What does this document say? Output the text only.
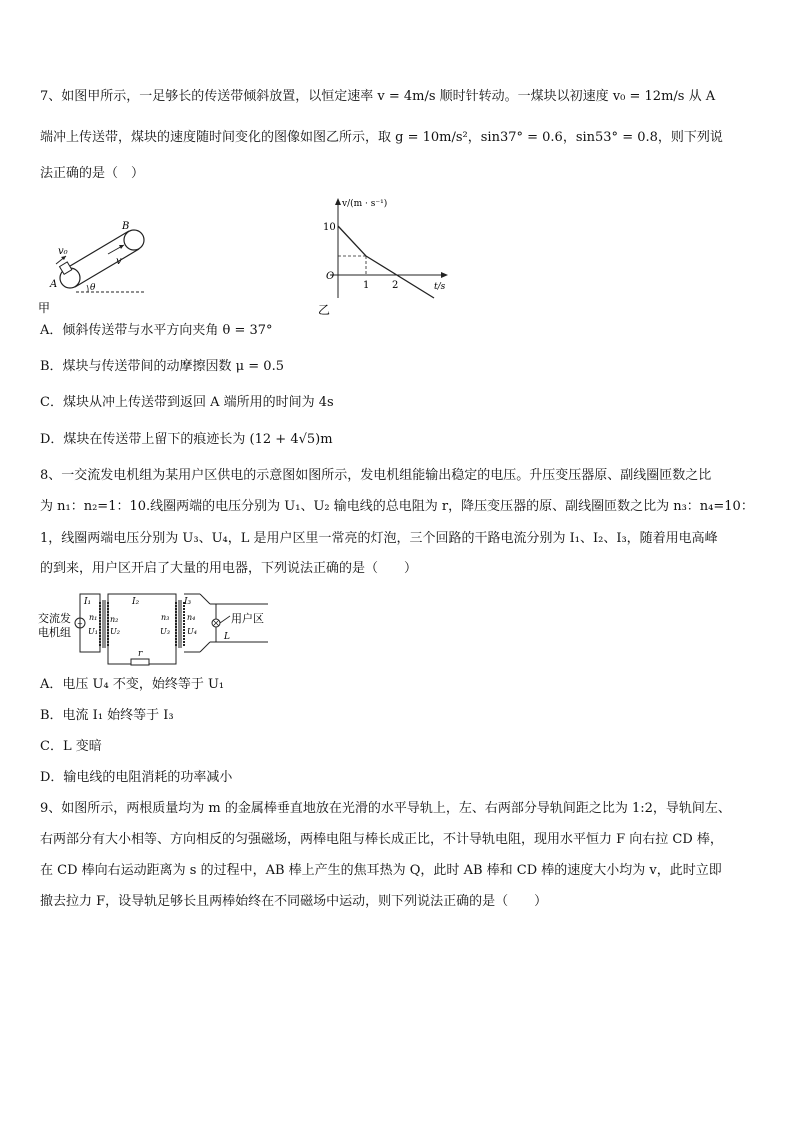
7、如图甲所示，一足够长的传送带倾斜放置，以恒定速率 v = 4m/s 顺时针转动。一煤块以初速度 v₀ = 12m/s 从 A
端冲上传送带，煤块的速度随时间变化的图像如图乙所示，取 g = 10m/s²，sin37° = 0.6，sin53° = 0.8，则下列说
法正确的是（　）
v₀
v
A
B
θ
甲
v/(m · s⁻¹)
t/s
10
O
1 2
乙
A．倾斜传送带与水平方向夹角 θ = 37°
B．煤块与传送带间的动摩擦因数 μ = 0.5
C．煤块从冲上传送带到返回 A 端所用的时间为 4s
D．煤块在传送带上留下的痕迹长为 (12 + 4√5)m
8、一交流发电机组为某用户区供电的示意图如图所示，发电机组能输出稳定的电压。升压变压器原、副线圈匝数之比
为 n₁：n₂=1：10.线圈两端的电压分别为 U₁、U₂ 输电线的总电阻为 r，降压变压器的原、副线圈匝数之比为 n₃：n₄=10：
1，线圈两端电压分别为 U₃、U₄，L 是用户区里一常亮的灯泡，三个回路的干路电流分别为 I₁、I₂、I₃，随着用电高峰
的到来，用户区开启了大量的用电器，下列说法正确的是（　　）
交流发
电机组
~
I₁	I₂	I₃
n₁
U₁
n₂
U₂
n₃
U₃
n₄
U₄
r
用户区
L
A．电压 U₄ 不变，始终等于 U₁
B．电流 I₁ 始终等于 I₃
C．L 变暗
D．输电线的电阻消耗的功率减小
9、如图所示，两根质量均为 m 的金属棒垂直地放在光滑的水平导轨上，左、右两部分导轨间距之比为 1:2，导轨间左、
右两部分有大小相等、方向相反的匀强磁场，两棒电阻与棒长成正比，不计导轨电阻，现用水平恒力 F 向右拉 CD 棒，
在 CD 棒向右运动距离为 s 的过程中，AB 棒上产生的焦耳热为 Q，此时 AB 棒和 CD 棒的速度大小均为 v，此时立即
撤去拉力 F，设导轨足够长且两棒始终在不同磁场中运动，则下列说法正确的是（　　）
